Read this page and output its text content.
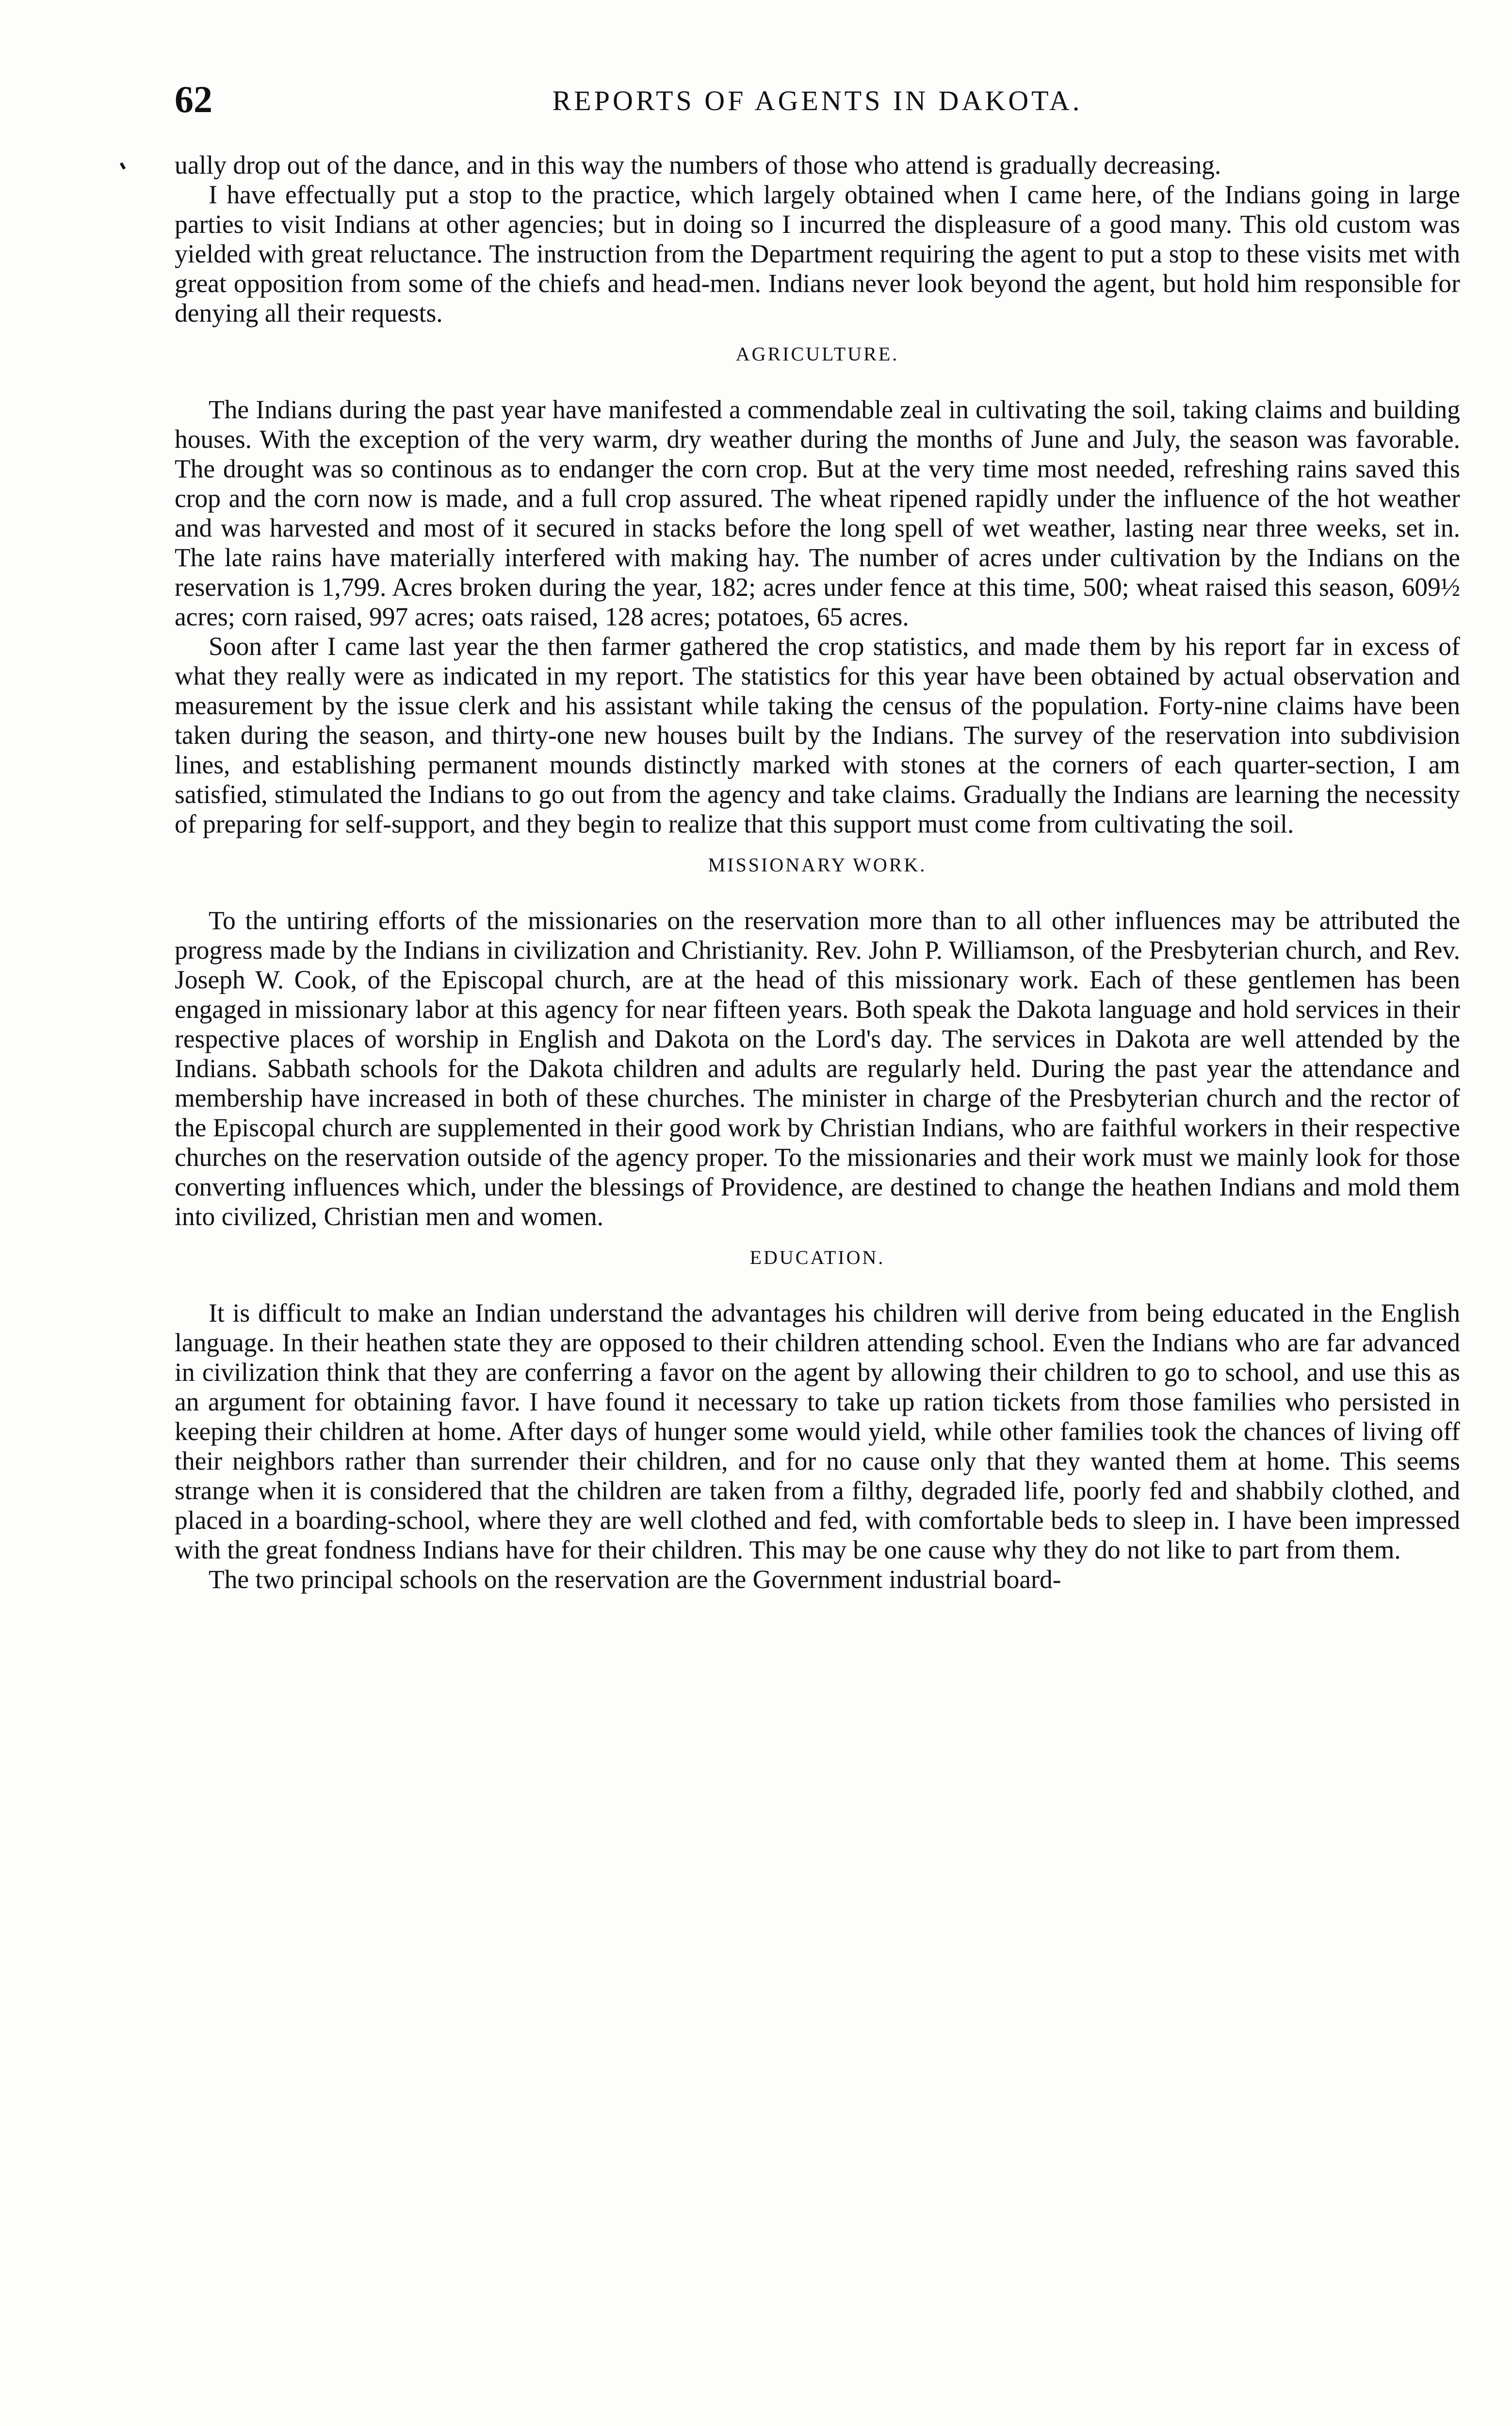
62	REPORTS OF AGENTS IN DAKOTA.

ually drop out of the dance, and in this way the numbers of those who attend is gradually decreasing.

I have effectually put a stop to the practice, which largely obtained when I came here, of the Indians going in large parties to visit Indians at other agencies; but in doing so I incurred the displeasure of a good many. This old custom was yielded with great reluctance. The instruction from the Department requiring the agent to put a stop to these visits met with great opposition from some of the chiefs and head-men. Indians never look beyond the agent, but hold him responsible for denying all their requests.

AGRICULTURE.

The Indians during the past year have manifested a commendable zeal in cultivating the soil, taking claims and building houses. With the exception of the very warm, dry weather during the months of June and July, the season was favorable. The drought was so continous as to endanger the corn crop. But at the very time most needed, refreshing rains saved this crop and the corn now is made, and a full crop assured. The wheat ripened rapidly under the influence of the hot weather and was harvested and most of it secured in stacks before the long spell of wet weather, lasting near three weeks, set in. The late rains have materially interfered with making hay. The number of acres under cultivation by the Indians on the reservation is 1,799. Acres broken during the year, 182; acres under fence at this time, 500; wheat raised this season, 609½ acres; corn raised, 997 acres; oats raised, 128 acres; potatoes, 65 acres.

Soon after I came last year the then farmer gathered the crop statistics, and made them by his report far in excess of what they really were as indicated in my report. The statistics for this year have been obtained by actual observation and measurement by the issue clerk and his assistant while taking the census of the population. Forty-nine claims have been taken during the season, and thirty-one new houses built by the Indians. The survey of the reservation into subdivision lines, and establishing permanent mounds distinctly marked with stones at the corners of each quarter-section, I am satisfied, stimulated the Indians to go out from the agency and take claims. Gradually the Indians are learning the necessity of preparing for self-support, and they begin to realize that this support must come from cultivating the soil.

MISSIONARY WORK.

To the untiring efforts of the missionaries on the reservation more than to all other influences may be attributed the progress made by the Indians in civilization and Christianity. Rev. John P. Williamson, of the Presbyterian church, and Rev. Joseph W. Cook, of the Episcopal church, are at the head of this missionary work. Each of these gentlemen has been engaged in missionary labor at this agency for near fifteen years. Both speak the Dakota language and hold services in their respective places of worship in English and Dakota on the Lord's day. The services in Dakota are well attended by the Indians. Sabbath schools for the Dakota children and adults are regularly held. During the past year the attendance and membership have increased in both of these churches. The minister in charge of the Presbyterian church and the rector of the Episcopal church are supplemented in their good work by Christian Indians, who are faithful workers in their respective churches on the reservation outside of the agency proper. To the missionaries and their work must we mainly look for those converting influences which, under the blessings of Providence, are destined to change the heathen Indians and mold them into civilized, Christian men and women.

EDUCATION.

It is difficult to make an Indian understand the advantages his children will derive from being educated in the English language. In their heathen state they are opposed to their children attending school. Even the Indians who are far advanced in civilization think that they are conferring a favor on the agent by allowing their children to go to school, and use this as an argument for obtaining favor. I have found it necessary to take up ration tickets from those families who persisted in keeping their children at home. After days of hunger some would yield, while other families took the chances of living off their neighbors rather than surrender their children, and for no cause only that they wanted them at home. This seems strange when it is considered that the children are taken from a filthy, degraded life, poorly fed and shabbily clothed, and placed in a boarding-school, where they are well clothed and fed, with comfortable beds to sleep in. I have been impressed with the great fondness Indians have for their children. This may be one cause why they do not like to part from them.

The two principal schools on the reservation are the Government industrial board-
